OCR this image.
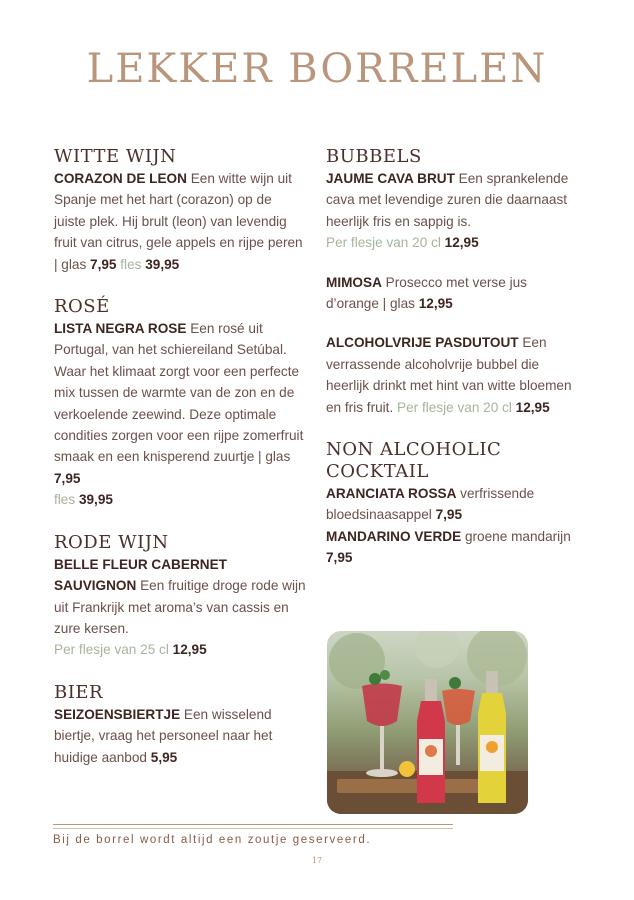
LEKKER BORRELEN
WITTE WIJN

CORAZON DE LEON Een witte wijn uit Spanje met het hart (corazon) op de juiste plek. Hij brult (leon) van levendig fruit van citrus, gele appels en rijpe peren | glas 7,95 fles 39,95

ROSÉ

LISTA NEGRA ROSE Een rosé uit Portugal, van het schiereiland Setúbal. Waar het klimaat zorgt voor een perfecte mix tussen de warmte van de zon en de verkoelende zeewind. Deze optimale condities zorgen voor een rijpe zomerfruit smaak en een knisperend zuurtje | glas 7,95
fles 39,95

RODE WIJN

BELLE FLEUR CABERNET SAUVIGNON Een fruitige droge rode wijn uit Frankrijk met aroma’s van cassis en zure kersen.

Per flesje van 25 cl 12,95

BIER

SEIZOENSBIERTJE Een wisselend biertje, vraag het personeel naar het huidige aanbod 5,95

BUBBELS

JAUME CAVA BRUT Een sprankelende cava met levendige zuren die daarnaast heerlijk fris en sappig is.

Per flesje van 20 cl 12,95

MIMOSA Prosecco met verse jus d’orange | glas 12,95

ALCOHOLVRIJE PASDUTOUT Een verrassende alcoholvrije bubbel die heerlijk drinkt met hint van witte bloemen en fris fruit. Per flesje van 20 cl 12,95

NON ALCOHOLIC
COCKTAIL

ARANCIATA ROSSA verfrissende bloedsinaasappel 7,95

MANDARINO VERDE groene mandarijn 7,95

Bij de borrel wordt altijd een zoutje geserveerd.
17
